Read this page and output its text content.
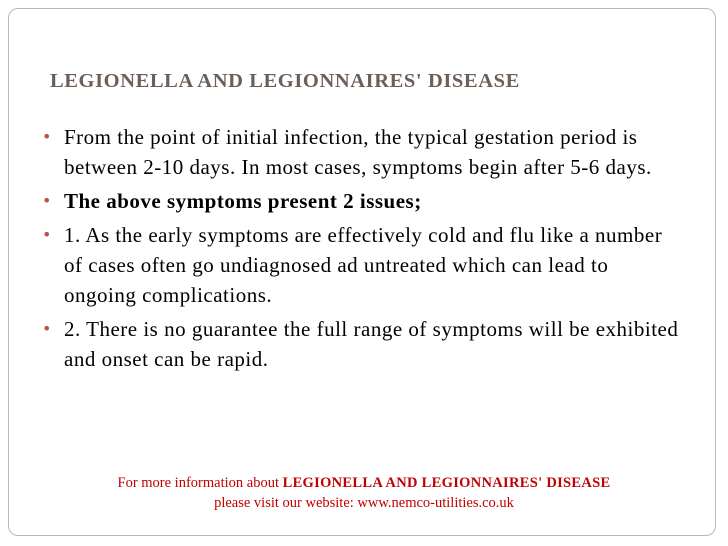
LEGIONELLA AND LEGIONNAIRES' DISEASE
• From the point of initial infection, the typical gestation period is between 2-10 days. In most cases, symptoms begin after 5-6 days.
• The above symptoms present 2 issues;
• 1. As the early symptoms are effectively cold and flu like a number of cases often go undiagnosed ad untreated which can lead to ongoing complications.
• 2. There is no guarantee the full range of symptoms will be exhibited and onset can be rapid.
For more information about LEGIONELLA AND LEGIONNAIRES' DISEASE
please visit our website: www.nemco-utilities.co.uk
